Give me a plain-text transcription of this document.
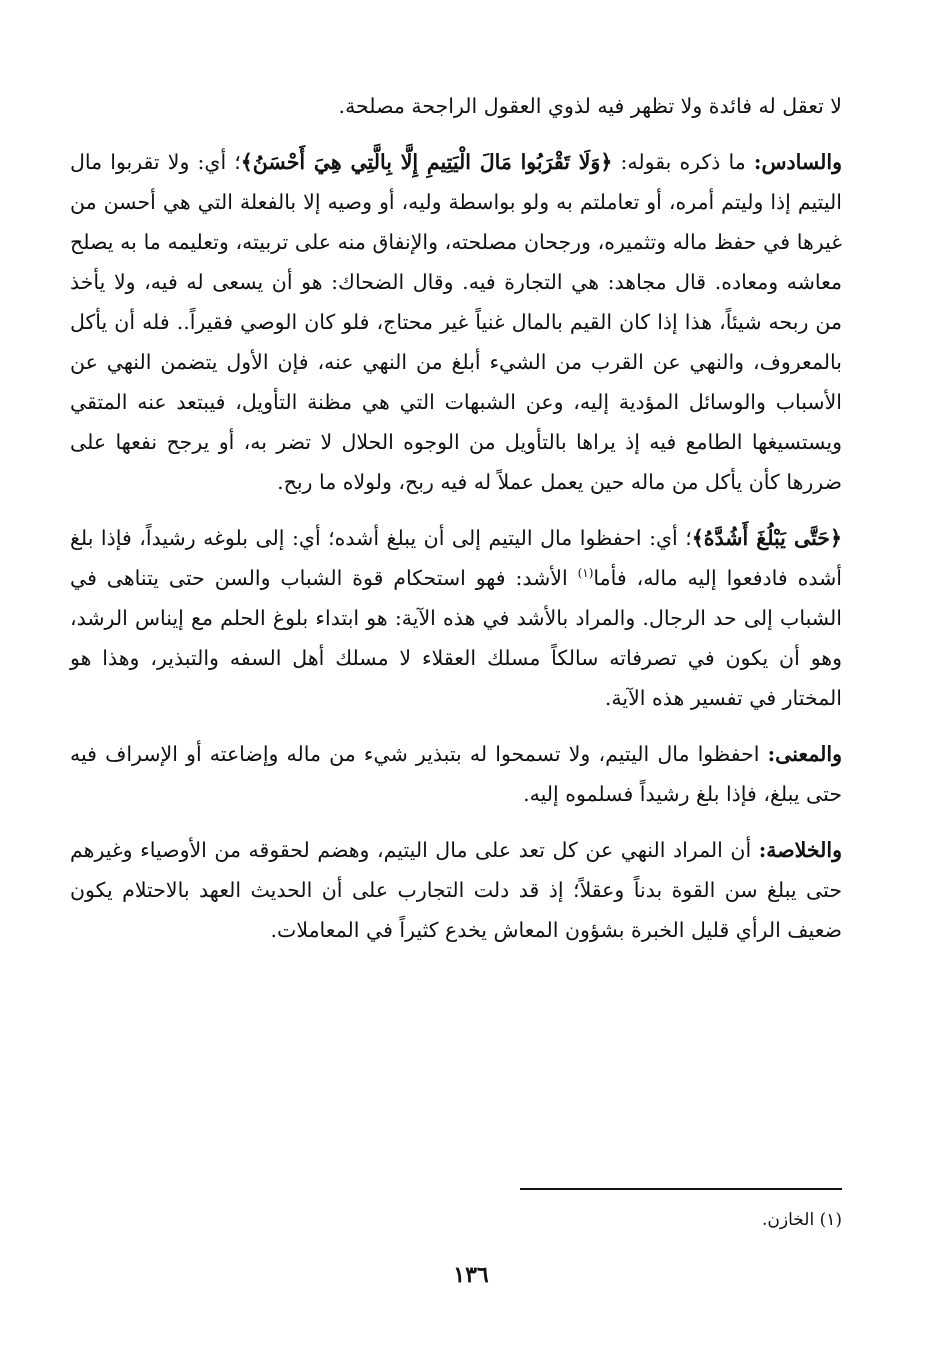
لا تعقل له فائدة ولا تظهر فيه لذوي العقول الراجحة مصلحة.

والسادس: ما ذكره بقوله: ﴿وَلَا تَقْرَبُوا مَالَ الْيَتِيمِ إِلَّا بِالَّتِي هِيَ أَحْسَنُ﴾؛ أي: ولا تقربوا مال اليتيم إذا وليتم أمره، أو تعاملتم به ولو بواسطة وليه، أو وصيه إلا بالفعلة التي هي أحسن من غيرها في حفظ ماله وتثميره، ورجحان مصلحته، والإنفاق منه على تربيته، وتعليمه ما به يصلح معاشه ومعاده. قال مجاهد: هي التجارة فيه. وقال الضحاك: هو أن يسعى له فيه، ولا يأخذ من ربحه شيئاً، هذا إذا كان القيم بالمال غنياً غير محتاج، فلو كان الوصي فقيراً.. فله أن يأكل بالمعروف، والنهي عن القرب من الشيء أبلغ من النهي عنه، فإن الأول يتضمن النهي عن الأسباب والوسائل المؤدية إليه، وعن الشبهات التي هي مظنة التأويل، فيبتعد عنه المتقي ويستسيغها الطامع فيه إذ يراها بالتأويل من الوجوه الحلال لا تضر به، أو يرجح نفعها على ضررها كأن يأكل من ماله حين يعمل عملاً له فيه ربح، ولولاه ما ربح.

﴿حَتَّى يَبْلُغَ أَشُدَّهُ﴾؛ أي: احفظوا مال اليتيم إلى أن يبلغ أشده؛ أي: إلى بلوغه رشيداً، فإذا بلغ أشده فادفعوا إليه ماله، فأما$^{(١)}$ الأشد: فهو استحكام قوة الشباب والسن حتى يتناهى في الشباب إلى حد الرجال. والمراد بالأشد في هذه الآية: هو ابتداء بلوغ الحلم مع إيناس الرشد، وهو أن يكون في تصرفاته سالكاً مسلك العقلاء لا مسلك أهل السفه والتبذير، وهذا هو المختار في تفسير هذه الآية.

والمعنى: احفظوا مال اليتيم، ولا تسمحوا له بتبذير شيء من ماله وإضاعته أو الإسراف فيه حتى يبلغ، فإذا بلغ رشيداً فسلموه إليه.

والخلاصة: أن المراد النهي عن كل تعد على مال اليتيم، وهضم لحقوقه من الأوصياء وغيرهم حتى يبلغ سن القوة بدناً وعقلاً؛ إذ قد دلت التجارب على أن الحديث العهد بالاحتلام يكون ضعيف الرأي قليل الخبرة بشؤون المعاش يخدع كثيراً في المعاملات.

(١) الخازن.
١٣٦
